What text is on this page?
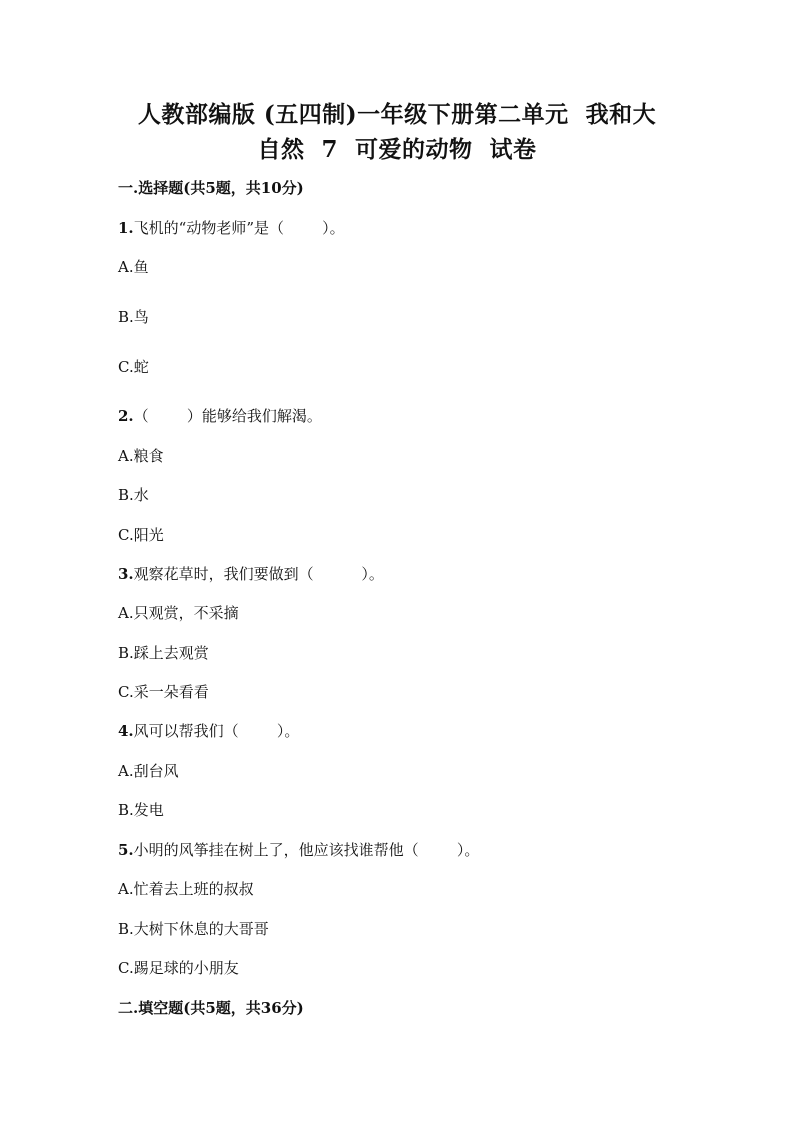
人教部编版 (五四制)一年级下册第二单元  我和大
自然  7  可爱的动物  试卷
一.选择题(共5题，共10分)
1.飞机的“动物老师”是（        ）。
A.鱼
B.鸟
C.蛇
2.（        ）能够给我们解渴。
A.粮食
B.水
C.阳光
3.观察花草时，我们要做到（          ）。
A.只观赏，不采摘
B.踩上去观赏
C.采一朵看看
4.风可以帮我们（        ）。
A.刮台风
B.发电
5.小明的风筝挂在树上了，他应该找谁帮他（        ）。
A.忙着去上班的叔叔
B.大树下休息的大哥哥
C.踢足球的小朋友
二.填空题(共5题，共36分)
